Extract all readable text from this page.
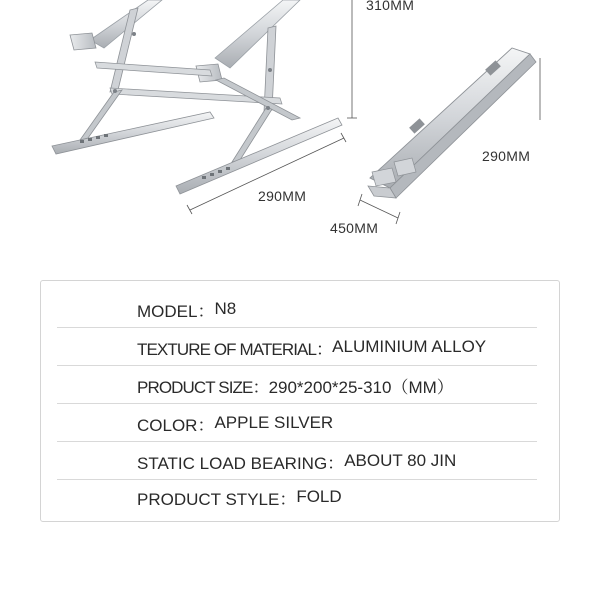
310MM
290MM
290MM
450MM
MODEL： N8
TEXTURE OF MATERIAL： ALUMINIUM ALLOY
PRODUCT SIZE： 290*200*25-310（MM）
COLOR： APPLE SILVER
STATIC LOAD BEARING： ABOUT 80 JIN
PRODUCT STYLE： FOLD
